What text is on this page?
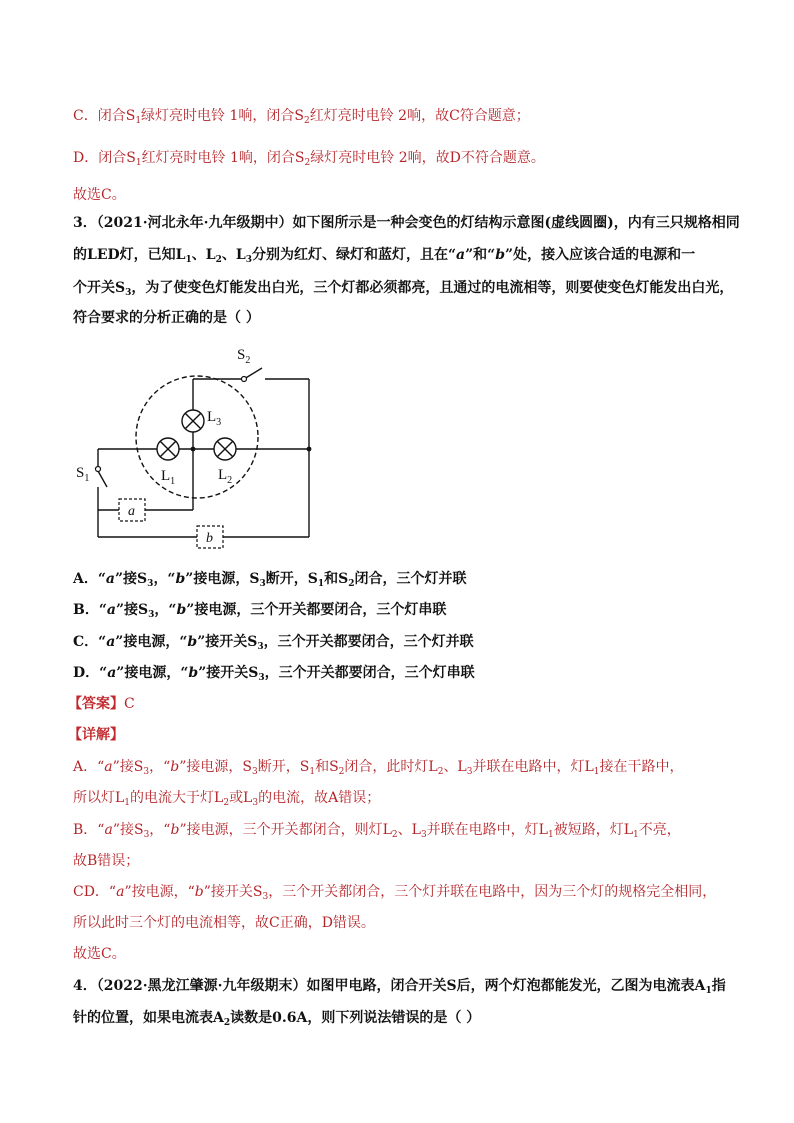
C．闭合$S_1$绿灯亮时电铃 1响，闭合$S_2$红灯亮时电铃 2响，故C符合题意；
D．闭合$S_1$红灯亮时电铃 1响，闭合$S_2$绿灯亮时电铃 2响，故D不符合题意。
故选C。
3．（2021·河北永年·九年级期中）如下图所示是一种会变色的灯结构示意图(虚线圆圈)，内有三只规格相同
的LED灯，已知$L_1$、$L_2$、$L_3$分别为红灯、绿灯和蓝灯，且在“a”和“b”处，接入应该合适的电源和一
个开关$S_3$，为了使变色灯能发出白光，三个灯都必须都亮，且通过的电流相等，则要使变色灯能发出白光，
符合要求的分析正确的是（ ）
$S_2$
$L_3$
$L_1$	$L_2$
$S_1$
a
b
A．“a”接$S_3$，“b”接电源，$S_3$断开，$S_1$和$S_2$闭合，三个灯并联
B．“a”接$S_3$，“b”接电源，三个开关都要闭合，三个灯串联
C．“a”接电源，“b”接开关$S_3$，三个开关都要闭合，三个灯并联
D．“a”接电源，“b”接开关$S_3$，三个开关都要闭合，三个灯串联
【答案】C
【详解】
A．“a”接$S_3$，“b”接电源，$S_3$断开，$S_1$和$S_2$闭合，此时灯$L_2$、$L_3$并联在电路中，灯$L_1$接在干路中，
所以灯$L_1$的电流大于灯$L_2$或$L_3$的电流，故A错误；
B．“a”接$S_3$，“b”接电源，三个开关都闭合，则灯$L_2$、$L_3$并联在电路中，灯$L_1$被短路，灯$L_1$不亮，
故B错误；
CD．“a”按电源，“b”接开关$S_3$，三个开关都闭合，三个灯并联在电路中，因为三个灯的规格完全相同，
所以此时三个灯的电流相等，故C正确，D错误。
故选C。
4．（2022·黑龙江肇源·九年级期末）如图甲电路，闭合开关S后，两个灯泡都能发光，乙图为电流表$A_1$指
针的位置，如果电流表$A_2$读数是0.6A，则下列说法错误的是（ ）
